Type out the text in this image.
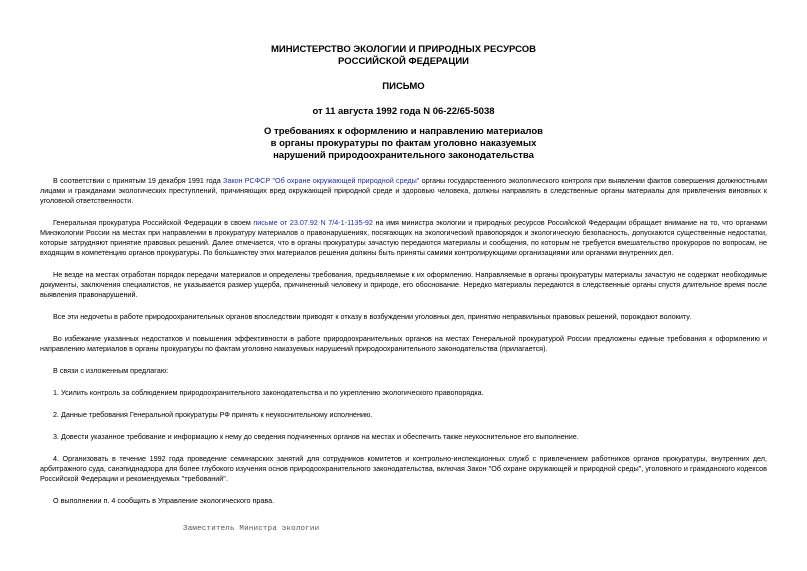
МИНИСТЕРСТВО ЭКОЛОГИИ И ПРИРОДНЫХ РЕСУРСОВ
РОССИЙСКОЙ ФЕДЕРАЦИИ
ПИСЬМО
от 11 августа 1992 года N 06-22/65-5038
О требованиях к оформлению и направлению материалов
в органы прокуратуры по фактам уголовно наказуемых
нарушений природоохранительного законодательства

В соответствии с принятым 19 декабря 1991 года Закон РСФСР "Об охране окружающей природной среды" органы государственного экологического контроля при выявлении фактов совершения должностными лицами и гражданами экологических преступлений, причиняющих вред окружающей природной среде и здоровью человека, должны направлять в следственные органы материалы для привлечения виновных к уголовной ответственности.

Генеральная прокуратура Российской Федерации в своем письме от 23.07.92 N 7/4-1-1135-92 на имя министра экологии и природных ресурсов Российской Федерации обращает внимание на то, что органами Минэкологии России на местах при направлении в прокуратуру материалов о правонарушениях, посягающих на экологический правопорядок и экологическую безопасность, допускаются существенные недостатки, которые затрудняют принятие правовых решений. Далее отмечается, что в органы прокуратуры зачастую передаются материалы и сообщения, по которым не требуется вмешательство прокуроров по вопросам, не входящим в компетенцию органов прокуратуры. По большинству этих материалов решения должны быть приняты самими контролирующими организациями или органами внутренних дел.

Не везде на местах отработан порядок передачи материалов и определены требования, предъявляемые к их оформлению. Направляемые в органы прокуратуры материалы зачастую не содержат необходимые документы, заключения специалистов, не указывается размер ущерба, причиненный человеку и природе, его обоснование. Нередко материалы передаются в следственные органы спустя длительное время после выявления правонарушений.

Все эти недочеты в работе природоохранительных органов впоследствии приводят к отказу в возбуждении уголовных дел, принятию неправильных правовых решений, порождают волокиту.

Во избежание указанных недостатков и повышения эффективности в работе природоохранительных органов на местах Генеральной прокуратурой России предложены единые требования к оформлению и направлению материалов в органы прокуратуры по фактам уголовно наказуемых нарушений природоохранительного законодательства (прилагается).

В связи с изложенным предлагаю:

1. Усилить контроль за соблюдением природоохранительного законодательства и по укреплению экологического правопорядка.

2. Данные требования Генеральной прокуратуры РФ принять к неукоснительному исполнению.

3. Довести указанное требование и информацию к нему до сведения подчиненных органов на местах и обеспечить также неукоснительное его выполнение.

4. Организовать в течение 1992 года проведение семинарских занятий для сотрудников комитетов и контрольно-инспекционных служб с привлечением работников органов прокуратуры, внутренних дел, арбитражного суда, санэпиднадзора для более глубокого изучения основ природоохранительного законодательства, включая Закон "Об охране окружающей и природной среды", уголовного и гражданского кодексов Российской Федерации и рекомендуемых "требований".

О выполнении п. 4 сообщить в Управление экологического права.

Заместитель Министра экологии
